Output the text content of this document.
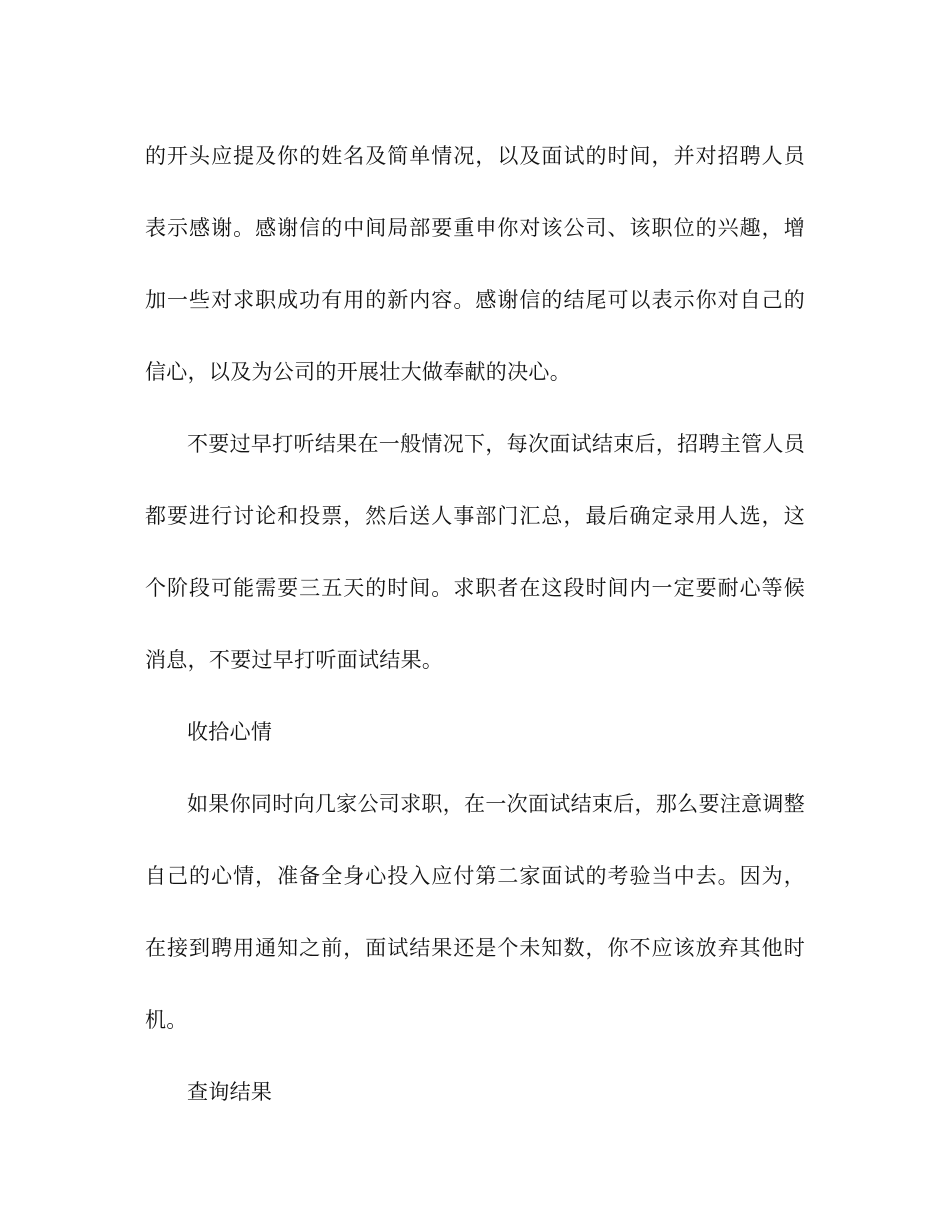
的开头应提及你的姓名及简单情况，以及面试的时间，并对招聘人员表示感谢。感谢信的中间局部要重申你对该公司、该职位的兴趣，增加一些对求职成功有用的新内容。感谢信的结尾可以表示你对自己的信心，以及为公司的开展壮大做奉献的决心。

不要过早打听结果在一般情况下，每次面试结束后，招聘主管人员都要进行讨论和投票，然后送人事部门汇总，最后确定录用人选，这个阶段可能需要三五天的时间。求职者在这段时间内一定要耐心等候消息，不要过早打听面试结果。

收拾心情

如果你同时向几家公司求职，在一次面试结束后，那么要注意调整自己的心情，准备全身心投入应付第二家面试的考验当中去。因为，在接到聘用通知之前，面试结果还是个未知数，你不应该放弃其他时机。

查询结果
